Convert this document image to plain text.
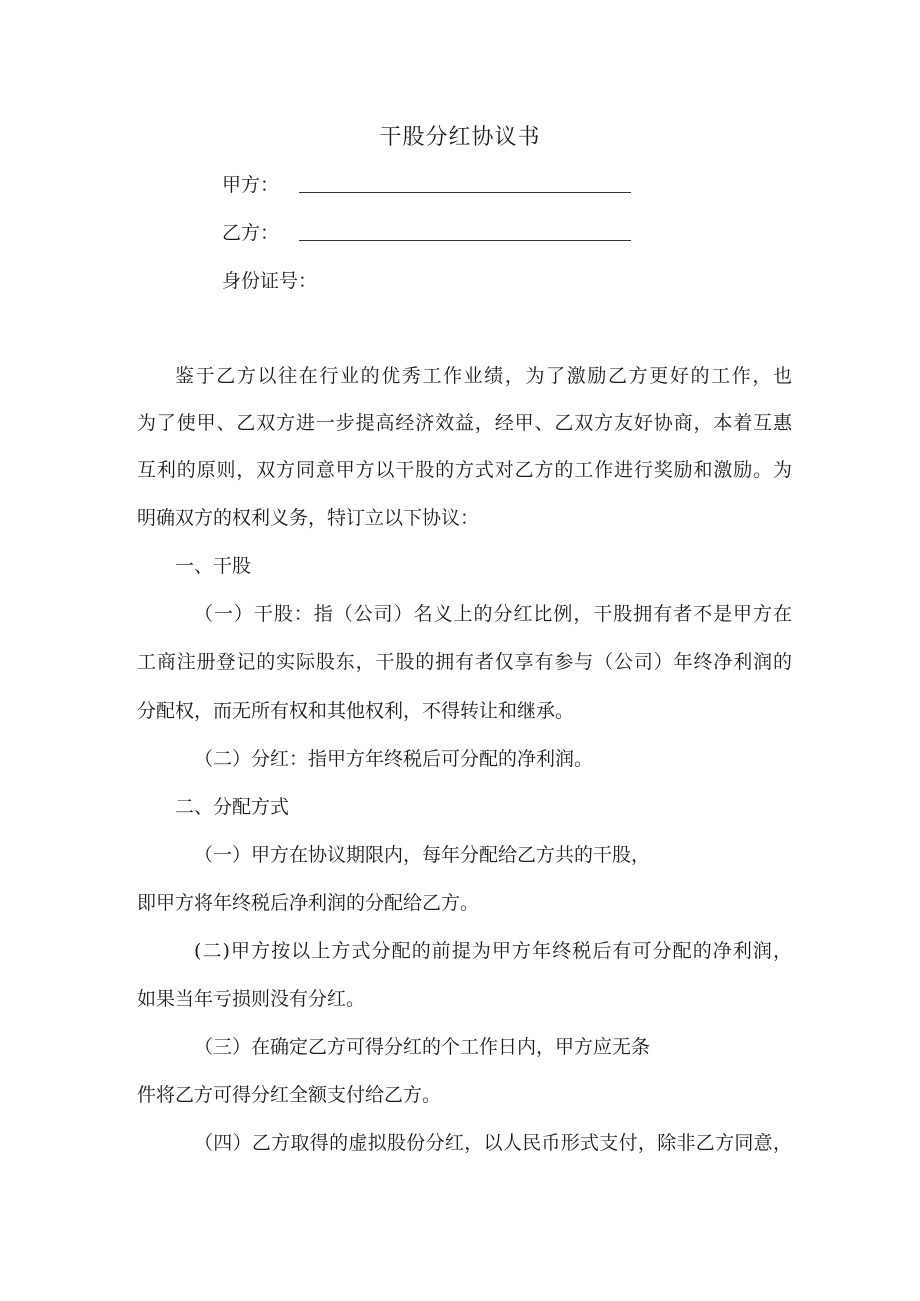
干股分红协议书
甲方：
乙方：
身份证号：
鉴于乙方以往在行业的优秀工作业绩，为了激励乙方更好的工作，也
为了使甲、乙双方进一步提高经济效益，经甲、乙双方友好协商，本着互惠
互利的原则，双方同意甲方以干股的方式对乙方的工作进行奖励和激励。为
明确双方的权利义务，特订立以下协议：
一、干股
（一）干股：指（公司）名义上的分红比例，干股拥有者不是甲方在
工商注册登记的实际股东，干股的拥有者仅享有参与（公司）年终净利润的
分配权，而无所有权和其他权利，不得转让和继承。
（二）分红：指甲方年终税后可分配的净利润。
二、分配方式
（一）甲方在协议期限内，每年分配给乙方共的干股，
即甲方将年终税后净利润的分配给乙方。
(二)甲方按以上方式分配的前提为甲方年终税后有可分配的净利润，
如果当年亏损则没有分红。
（三）在确定乙方可得分红的个工作日内，甲方应无条
件将乙方可得分红全额支付给乙方。
（四）乙方取得的虚拟股份分红，以人民币形式支付，除非乙方同意，
